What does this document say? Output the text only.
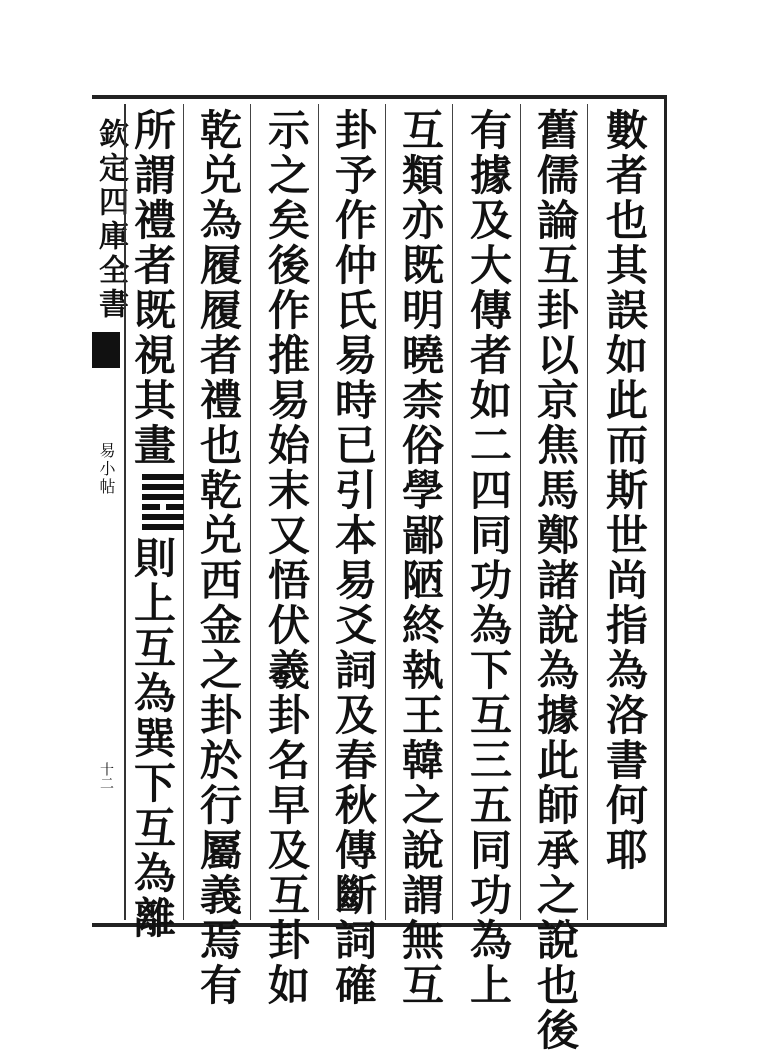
欽定四庫全書
易小帖
十二	數者也其誤如此而斯世尚指為洛書何耶
舊儒論互卦以京焦馬鄭諸說為據此師承之說也後
有據及大傳者如二四同功為下互三五同功為上
互類亦既明曉柰俗學鄙陋終執王韓之說謂無互
卦予作仲氏易時已引本易爻詞及春秋傳斷詞確
示之矣後作推易始末又悟伏羲卦名早及互卦如
乾兑為履履者禮也乾兑西金之卦於行屬義焉有
所謂禮者既視其畫則上互為巽下互為離
